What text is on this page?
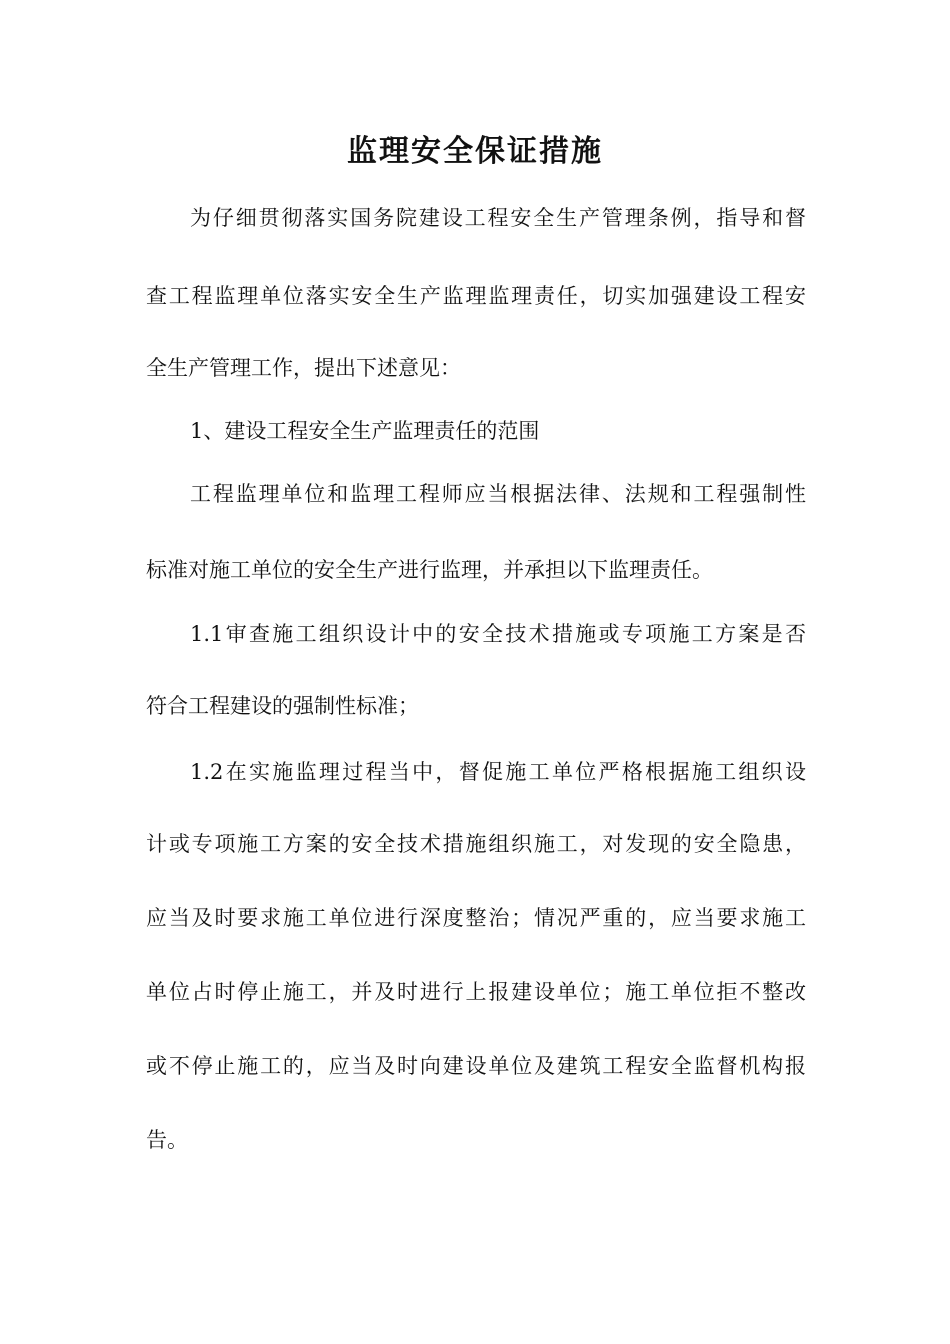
监理安全保证措施
为仔细贯彻落实国务院建设工程安全生产管理条例，指导和督
查工程监理单位落实安全生产监理监理责任，切实加强建设工程安
全生产管理工作，提出下述意见：
1、建设工程安全生产监理责任的范围
工程监理单位和监理工程师应当根据法律、法规和工程强制性
标准对施工单位的安全生产进行监理，并承担以下监理责任。
1.1审查施工组织设计中的安全技术措施或专项施工方案是否
符合工程建设的强制性标准；
1.2在实施监理过程当中，督促施工单位严格根据施工组织设
计或专项施工方案的安全技术措施组织施工，对发现的安全隐患，
应当及时要求施工单位进行深度整治；情况严重的，应当要求施工
单位占时停止施工，并及时进行上报建设单位；施工单位拒不整改
或不停止施工的，应当及时向建设单位及建筑工程安全监督机构报
告。
